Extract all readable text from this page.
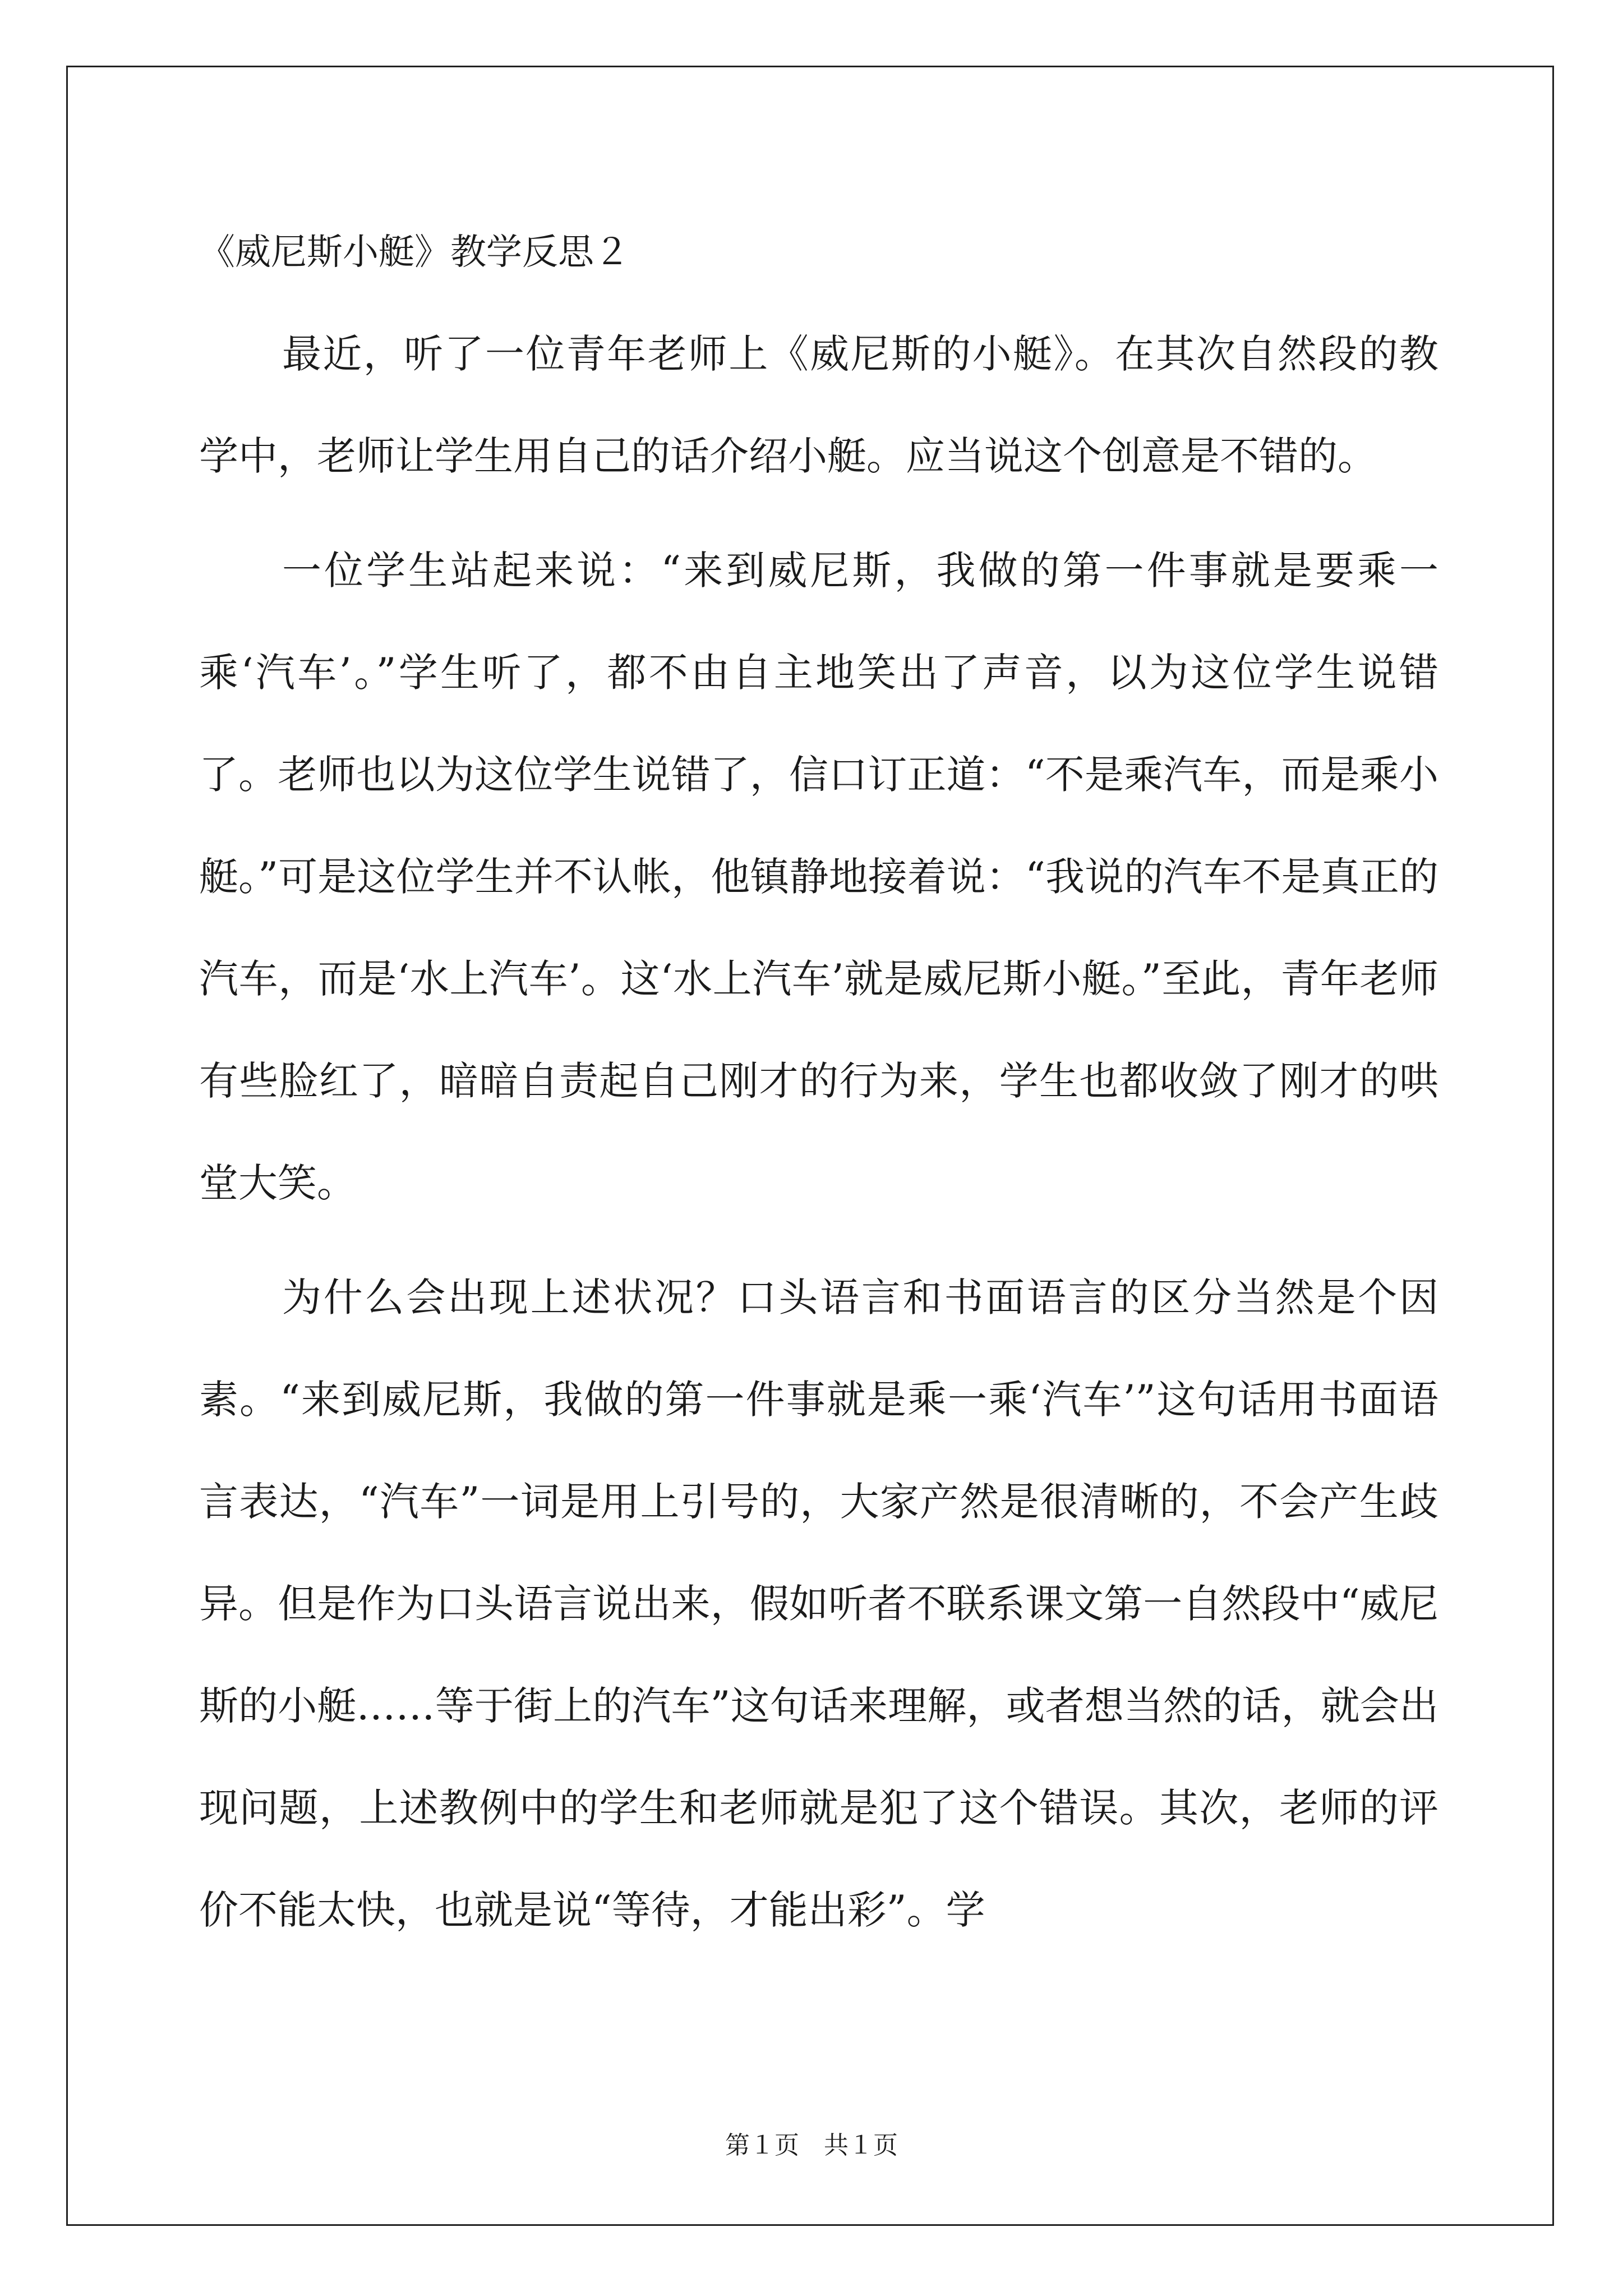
《威尼斯小艇》教学反思２

最近，听了一位青年老师上《威尼斯的小艇》。在其次自然段的教学中，老师让学生用自己的话介绍小艇。应当说这个创意是不错的。

一位学生站起来说：“来到威尼斯，我做的第一件事就是要乘一乘‘汽车’。”学生听了，都不由自主地笑出了声音，以为这位学生说错了。老师也以为这位学生说错了，信口订正道：“不是乘汽车，而是乘小艇。”可是这位学生并不认帐，他镇静地接着说：“我说的汽车不是真正的汽车，而是‘水上汽车’。这‘水上汽车’就是威尼斯小艇。”至此，青年老师有些脸红了，暗暗自责起自己刚才的行为来，学生也都收敛了刚才的哄堂大笑。

为什么会出现上述状况？口头语言和书面语言的区分当然是个因素。“来到威尼斯，我做的第一件事就是乘一乘‘汽车’”这句话用书面语言表达，“汽车”一词是用上引号的，大家产然是很清晰的，不会产生歧异。但是作为口头语言说出来，假如听者不联系课文第一自然段中“威尼斯的小艇……等于街上的汽车”这句话来理解，或者想当然的话，就会出现问题，上述教例中的学生和老师就是犯了这个错误。其次，老师的评价不能太快，也就是说“等待，才能出彩”。学

第１页　共１页
